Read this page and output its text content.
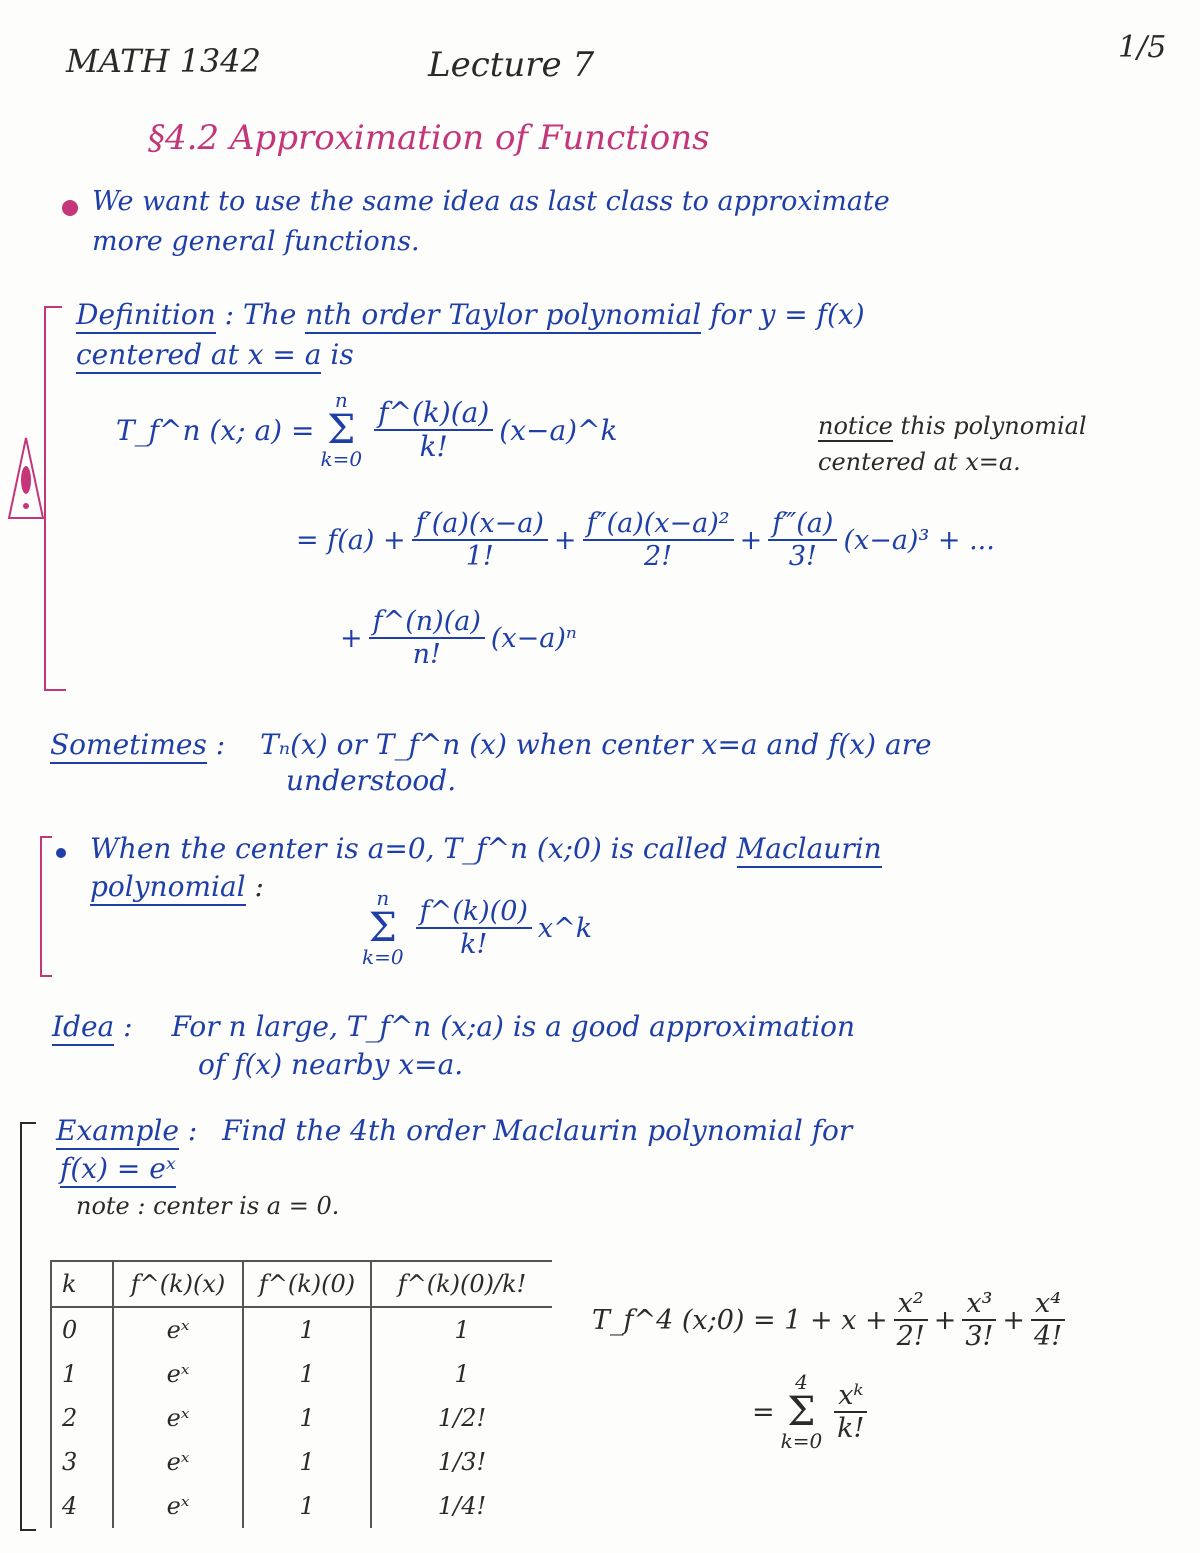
MATH 1342	Lecture 7	1/5
§4.2 Approximation of Functions
We want to use the same idea as last class to approximate
more general functions.
Definition : The nth order Taylor polynomial for y = f(x)
centered at x = a is
T_f^n (x; a) =
n
Σ
$k=0 \frac{f\^{}(k)(a)}{k!}$ (x−a)^k	notice this polynomial
centered at x=a.
= $f(a) + \frac{f'(a)(x-a)}{1!} + \frac{\text{f″(a)(x−a)²}}{2!} + \frac{f‴(a)}{3!} (x-a)^3$ + ...
+ $\frac{f\^{}(n)(a)}{n!} (x-a)^n$
Sometimes : Tₙ(x) or T_f^n (x) when center x=a and f(x) are
understood.
When the center is a=0, T_f^n (x;0) is called Maclaurin
polynomial :	n
Σ
$k=0 \frac{f\^{}(k)(0)}{k!}$ x^k
Idea : For n large, T_f^n (x;a) is a good approximation
of f(x) nearby x=a.
Example : Find the 4th order Maclaurin polynomial for
f(x) = eˣ
note : center is a = 0.
k	f^(k)(x)	f^(k)(0)	f^(k)(0)/k!
0	eˣ	1	1
1	eˣ	1	1
2	eˣ	1	1/2!
3	eˣ	1	1/3!
4	eˣ	1	1/4!
T_f^4 (x;0) = $1 + x + \frac{\text{x²}}{2!} + \frac{\text{x³}}{3!} + \frac{\text{x⁴}}{4!}$
=
4
Σ
$k=0 \frac{\text{xᵏ}}{k!}$
